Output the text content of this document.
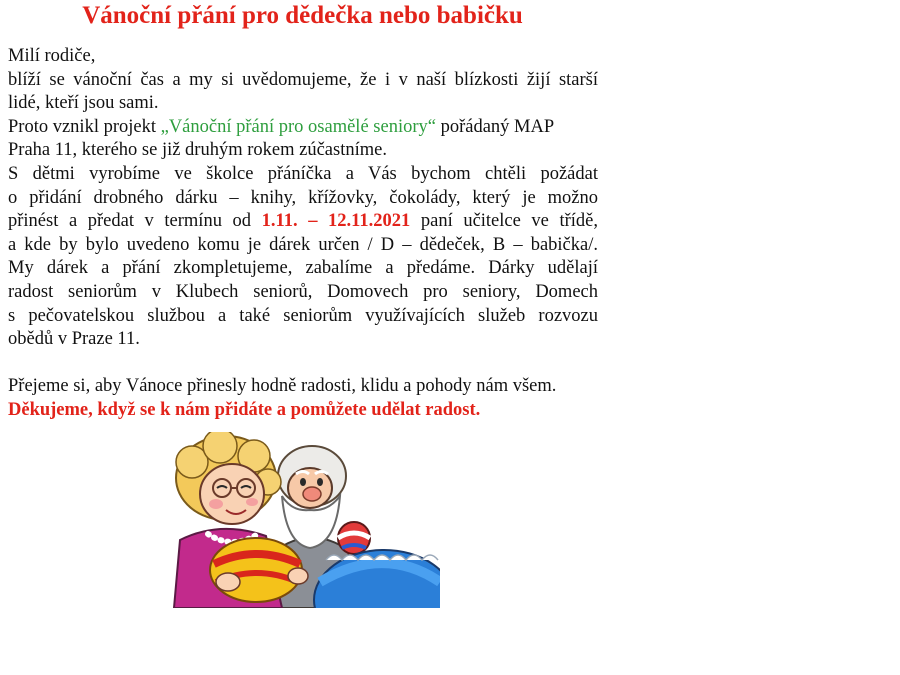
Vánoční přání pro dědečka nebo babičku
Milí rodiče,
blíží se vánoční čas a my si uvědomujeme, že i v naší blízkosti žijí starší
lidé, kteří jsou sami.
Proto vznikl projekt „Vánoční přání pro osamělé seniory“ pořádaný MAP
Praha 11, kterého se již druhým rokem zúčastníme.
S dětmi vyrobíme ve školce přáníčka a Vás bychom chtěli požádat
o přidání drobného dárku – knihy, křížovky, čokolády, který je možno
přinést a předat v termínu od 1.11. – 12.11.2021 paní učitelce ve třídě,
a kde by bylo uvedeno komu je dárek určen / D – dědeček, B – babička/.
My dárek a přání zkompletujeme, zabalíme a předáme. Dárky udělají
radost seniorům v Klubech seniorů, Domovech pro seniory, Domech
s pečovatelskou službou a také seniorům využívajících služeb rozvozu
obědů v Praze 11.
Přejeme si, aby Vánoce přinesly hodně radosti, klidu a pohody nám všem.
Děkujeme, když se k nám přidáte a pomůžete udělat radost.
